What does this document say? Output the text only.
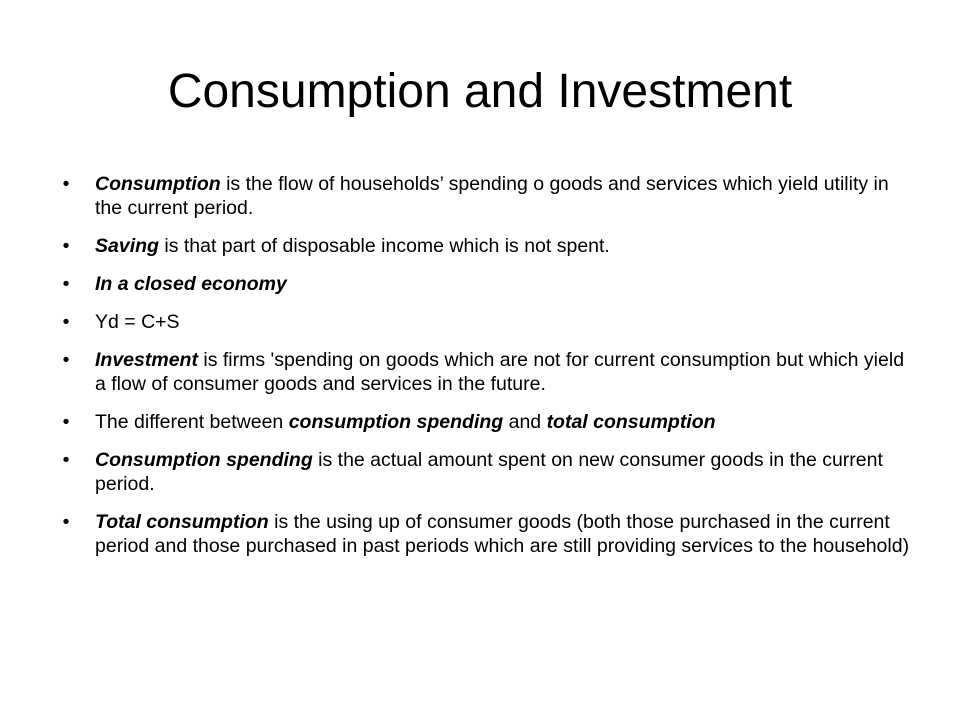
Consumption and Investment
• Consumption is the flow of households’ spending o goods and services which yield utility in the current period.
• Saving is that part of disposable income which is not spent.
• In a closed economy
• Yd = C+S
• Investment is firms 'spending on goods which are not for current consumption but which yield a flow of consumer goods and services in the future.
• The different between consumption spending and total consumption
• Consumption spending is the actual amount spent on new consumer goods in the current period.
• Total consumption is the using up of consumer goods (both those purchased in the current period and those purchased in past periods which are still providing services to the household)
